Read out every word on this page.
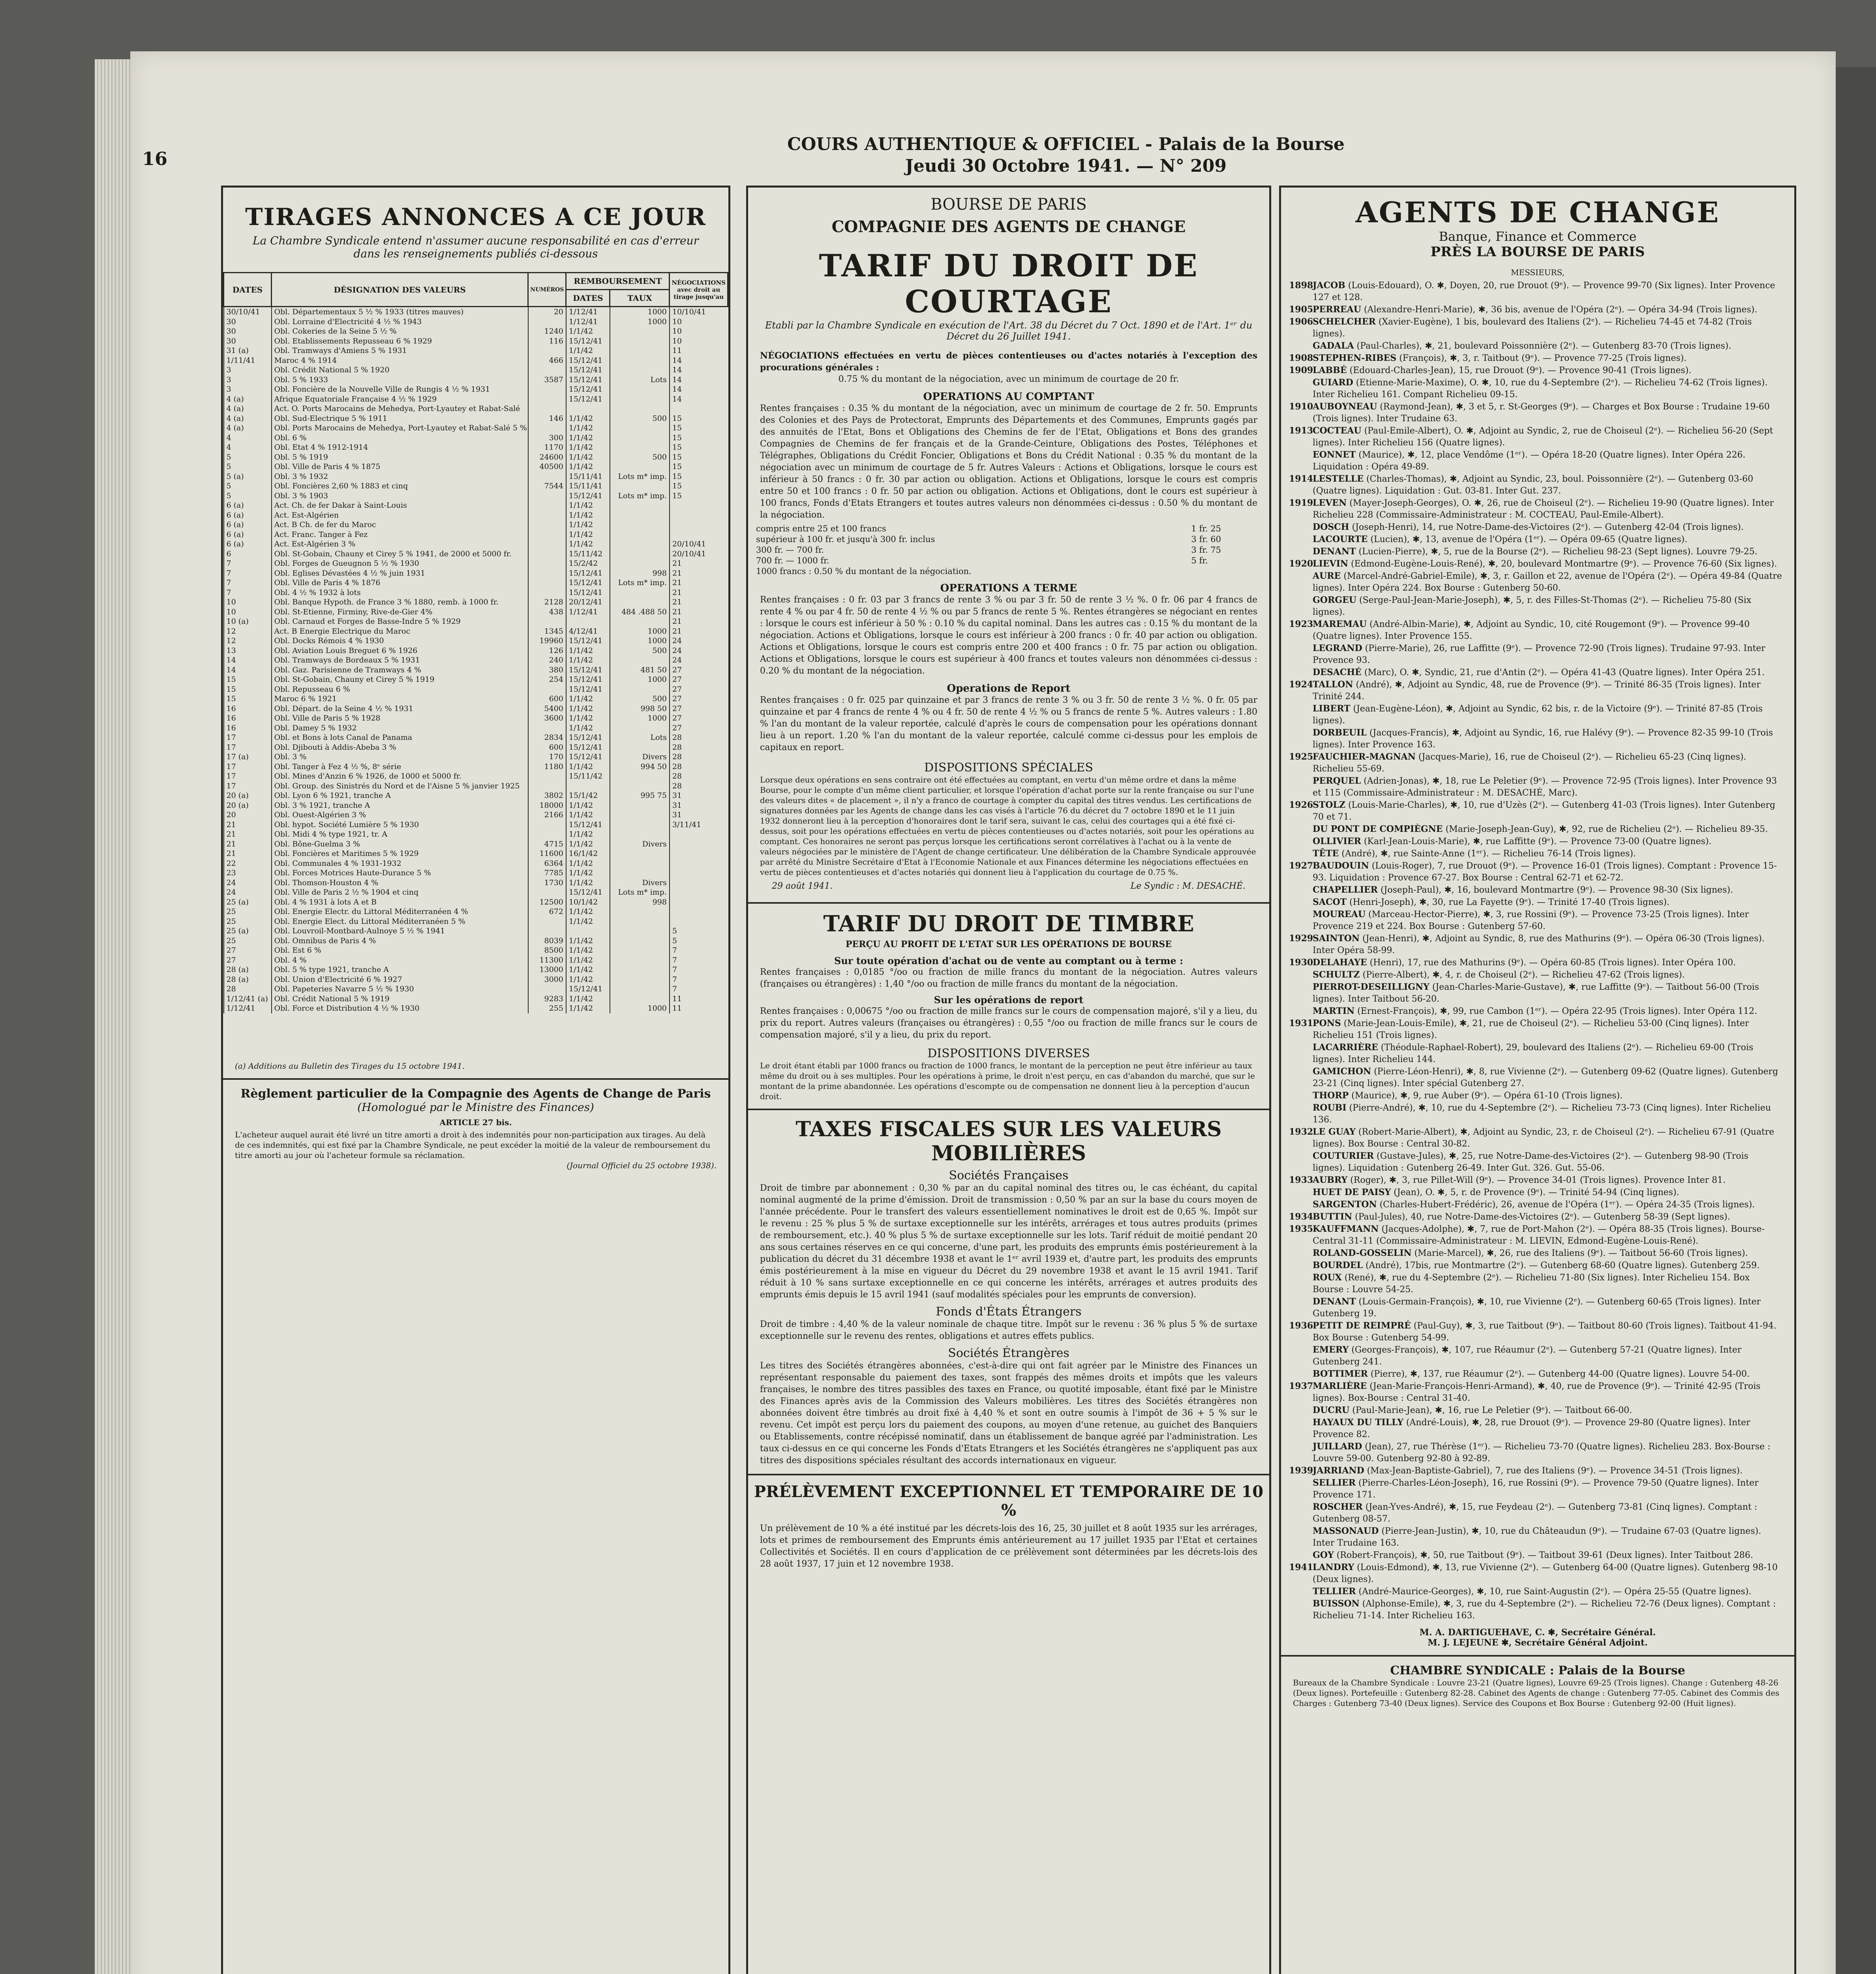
16
COURS AUTHENTIQUE & OFFICIEL - Palais de la Bourse
Jeudi 30 Octobre 1941. — N° 209
TIRAGES ANNONCES A CE JOUR
La Chambre Syndicale entend n'assumer aucune responsabilité en cas d'erreur dans les renseignements publiés ci-dessous
DATES	DÉSIGNATION DES VALEURS	NUMÉROS	REMBOURSEMENT		NÉGOCIATIONS avec droit au tirage jusqu'au
			DATES	TAUX	
30/10/41	Obl. Départementaux 5 ½ % 1933 (titres mauves)	20	1/12/41	1000	10/10/41
30	Obl. Lorraine d'Electricité 4 ½ % 1943		1/12/41	1000	10
30	Obl. Cokeries de la Seine 5 ½ %	1240	1/1/42		10
30	Obl. Etablissements Repusseau 6 % 1929	116	15/12/41		10
31 (a)	Obl. Tramways d'Amiens 5 % 1931		1/1/42		11
1/11/41	Maroc 4 % 1914	466	15/12/41		14
3	Obl. Crédit National 5 % 1920		15/12/41		14
3	Obl. 5 % 1933	3587	15/12/41	Lots	14
3	Obl. Foncière de la Nouvelle Ville de Rungis 4 ½ % 1931		15/12/41		14
4 (a)	Afrique Equatoriale Française 4 ½ % 1929		15/12/41		14
4 (a)	Act. O. Ports Marocains de Mehedya, Port-Lyautey et Rabat-Salé				
4 (a)	Obl. Sud-Electrique 5 % 1911	146	1/1/42	500	15
4 (a)	Obl. Ports Marocains de Mehedya, Port-Lyautey et Rabat-Salé 5 %		1/1/42		15
4	Obl. 6 %	300	1/1/42		15
4	Obl. Etat 4 % 1912-1914	1170	1/1/42		15
5	Obl. 5 % 1919	24600	1/1/42	500	15
5	Obl. Ville de Paris 4 % 1875	40500	1/1/42		15
5 (a)	Obl. 3 % 1932		15/11/41	Lots m* imp.	15
5	Obl. Foncières 2,60 % 1883 et cinq	7544	15/11/41		15
5	Obl. 3 % 1903		15/12/41	Lots m* imp.	15
6 (a)	Act. Ch. de fer Dakar à Saint-Louis		1/1/42		
6 (a)	Act. Est-Algérien		1/1/42		
6 (a)	Act. B Ch. de fer du Maroc		1/1/42		
6 (a)	Act. Franc. Tanger à Fez		1/1/42		
6 (a)	Act. Est-Algérien 3 %		1/1/42		20/10/41
6	Obl. St-Gobain, Chauny et Cirey 5 % 1941, de 2000 et 5000 fr.		15/11/42		20/10/41
7	Obl. Forges de Gueugnon 5 ½ % 1930		15/2/42		21
7	Obl. Eglises Dévastées 4 ½ % juin 1931		15/12/41	998	21
7	Obl. Ville de Paris 4 % 1876		15/12/41	Lots m* imp.	21
7	Obl. 4 ½ % 1932 à lots		15/12/41		21
10	Obl. Banque Hypoth. de France 3 % 1880, remb. à 1000 fr.	2128	20/12/41		21
10	Obl. St-Etienne, Firminy, Rive-de-Gier 4%	438	1/12/41	484 .488 50	21
10 (a)	Obl. Carnaud et Forges de Basse-Indre 5 % 1929				21
12	Act. B Energie Electrique du Maroc	1345	4/12/41	1000	21
12	Obl. Docks Rémois 4 % 1930	19960	15/12/41	1000	24
13	Obl. Aviation Louis Breguet 6 % 1926	126	1/1/42	500	24
14	Obl. Tramways de Bordeaux 5 % 1931	240	1/1/42		24
14	Obl. Gaz. Parisienne de Tramways 4 %	380	15/12/41	481 50	27
15	Obl. St-Gobain, Chauny et Cirey 5 % 1919	254	15/12/41	1000	27
15	Obl. Repusseau 6 %		15/12/41		27
15	Maroc 6 % 1921	600	1/1/42	500	27
16	Obl. Départ. de la Seine 4 ½ % 1931	5400	1/1/42	998 50	27
16	Obl. Ville de Paris 5 % 1928	3600	1/1/42	1000	27
16	Obl. Damey 5 % 1932		1/1/42		27
17	Obl. et Bons à lots Canal de Panama	2834	15/12/41	Lots	28
17	Obl. Djibouti à Addis-Abeba 3 %	600	15/12/41		28
17 (a)	Obl. 3 %	170	15/12/41	Divers	28
17	Obl. Tanger à Fez 4 ½ %, 8ᵉ série	1180	1/1/42	994 50	28
17	Obl. Mines d'Anzin 6 % 1926, de 1000 et 5000 fr.		15/11/42		28
17	Obl. Group. des Sinistrés du Nord et de l'Aisne 5 % janvier 1925				28
20 (a)	Obl. Lyon 6 % 1921, tranche A	3802	15/1/42	995 75	31
20 (a)	Obl. 3 % 1921, tranche A	18000	1/1/42		31
20	Obl. Ouest-Algérien 3 %	2166	1/1/42		31
21	Obl. hypot. Société Lumière 5 % 1930		15/12/41		3/11/41
21	Obl. Midi 4 % type 1921, tr. A		1/1/42		
21	Obl. Bône-Guelma 3 %	4715	1/1/42	Divers	
21	Obl. Foncières et Maritimes 5 % 1929	11600	16/1/42		
22	Obl. Communales 4 % 1931-1932	6364	1/1/42		
23	Obl. Forces Motrices Haute-Durance 5 %	7785	1/1/42		
24	Obl. Thomson-Houston 4 %	1730	1/1/42	Divers	
24	Obl. Ville de Paris 2 ½ % 1904 et cinq		15/12/41	Lots m* imp.	
25 (a)	Obl. 4 % 1931 à lots A et B	12500	10/1/42	998	
25	Obl. Energie Electr. du Littoral Méditerranéen 4 %	672	1/1/42		
25	Obl. Energie Elect. du Littoral Méditerranéen 5 %		1/1/42		
25 (a)	Obl. Louvroil-Montbard-Aulnoye 5 ½ % 1941				5
25	Obl. Omnibus de Paris 4 %	8039	1/1/42		5
27	Obl. Est 6 %	8500	1/1/42		7
27	Obl. 4 %	11300	1/1/42		7
28 (a)	Obl. 5 % type 1921, tranche A	13000	1/1/42		7
28 (a)	Obl. Union d'Electricité 6 % 1927	3000	1/1/42		7
28	Obl. Papeteries Navarre 5 ½ % 1930		15/12/41		7
1/12/41 (a)	Obl. Crédit National 5 % 1919	9283	1/1/42		11
1/12/41	Obl. Force et Distribution 4 ½ % 1930	255	1/1/42	1000	11
(a) Additions au Bulletin des Tirages du 15 octobre 1941.
Règlement particulier de la Compagnie des Agents de Change de Paris
(Homologué par le Ministre des Finances)
ARTICLE 27 bis.
L'acheteur auquel aurait été livré un titre amorti a droit à des indemnités pour non-participation aux tirages. Au delà de ces indemnités, qui est fixé par la Chambre Syndicale, ne peut excéder la moitié de la valeur de remboursement du titre amorti au jour où l'acheteur formule sa réclamation.
(Journal Officiel du 25 octobre 1938).
BOURSE DE PARIS
COMPAGNIE DES AGENTS DE CHANGE
TARIF DU DROIT DE COURTAGE
Etabli par la Chambre Syndicale en exécution de l'Art. 38 du Décret du 7 Oct. 1890 et de l'Art. 1ᵉʳ du Décret du 26 Juillet 1941.
NÉGOCIATIONS effectuées en vertu de pièces contentieuses ou d'actes notariés à l'exception des procurations générales :
0.75 % du montant de la négociation, avec un minimum de courtage de 20 fr.
OPERATIONS AU COMPTANT
Rentes françaises : 0.35 % du montant de la négociation, avec un minimum de courtage de 2 fr. 50. Emprunts des Colonies et des Pays de Protectorat, Emprunts des Départements et des Communes, Emprunts gagés par des annuités de l'Etat, Bons et Obligations des Chemins de fer de l'Etat, Obligations et Bons des grandes Compagnies de Chemins de fer français et de la Grande-Ceinture, Obligations des Postes, Téléphones et Télégraphes, Obligations du Crédit Foncier, Obligations et Bons du Crédit National : 0.35 % du montant de la négociation avec un minimum de courtage de 5 fr. Autres Valeurs : Actions et Obligations, lorsque le cours est inférieur à 50 francs : 0 fr. 30 par action ou obligation. Actions et Obligations, lorsque le cours est compris entre 50 et 100 francs : 0 fr. 50 par action ou obligation. Actions et Obligations, dont le cours est supérieur à 100 francs, Fonds d'Etats Etrangers et toutes autres valeurs non dénommées ci-dessus : 0.50 % du montant de la négociation.
compris entre 25 et 100 francs	1 fr. 25
supérieur à 100 fr. et jusqu'à 300 fr. inclus	3 fr. 60
300 fr. — 700 fr.	3 fr. 75
700 fr. — 1000 fr.	5 fr.
1000 francs : 0.50 % du montant de la négociation.	
OPERATIONS A TERME
Rentes françaises : 0 fr. 03 par 3 francs de rente 3 % ou par 3 fr. 50 de rente 3 ½ %. 0 fr. 06 par 4 francs de rente 4 % ou par 4 fr. 50 de rente 4 ½ % ou par 5 francs de rente 5 %. Rentes étrangères se négociant en rentes : lorsque le cours est inférieur à 50 % : 0.10 % du capital nominal. Dans les autres cas : 0.15 % du montant de la négociation. Actions et Obligations, lorsque le cours est inférieur à 200 francs : 0 fr. 40 par action ou obligation. Actions et Obligations, lorsque le cours est compris entre 200 et 400 francs : 0 fr. 75 par action ou obligation. Actions et Obligations, lorsque le cours est supérieur à 400 francs et toutes valeurs non dénommées ci-dessus : 0.20 % du montant de la négociation.
Operations de Report
Rentes françaises : 0 fr. 025 par quinzaine et par 3 francs de rente 3 % ou 3 fr. 50 de rente 3 ½ %. 0 fr. 05 par quinzaine et par 4 francs de rente 4 % ou 4 fr. 50 de rente 4 ½ % ou 5 francs de rente 5 %. Autres valeurs : 1.80 % l'an du montant de la valeur reportée, calculé d'après le cours de compensation pour les opérations donnant lieu à un report. 1.20 % l'an du montant de la valeur reportée, calculé comme ci-dessus pour les emplois de capitaux en report.
DISPOSITIONS SPÉCIALES
Lorsque deux opérations en sens contraire ont été effectuées au comptant, en vertu d'un même ordre et dans la même Bourse, pour le compte d'un même client particulier, et lorsque l'opération d'achat porte sur la rente française ou sur l'une des valeurs dites « de placement », il n'y a franco de courtage à compter du capital des titres vendus. Les certifications de signatures données par les Agents de change dans les cas visés à l'article 76 du décret du 7 octobre 1890 et le 11 juin 1932 donneront lieu à la perception d'honoraires dont le tarif sera, suivant le cas, celui des courtages qui a été fixé ci-dessus, soit pour les opérations effectuées en vertu de pièces contentieuses ou d'actes notariés, soit pour les opérations au comptant. Ces honoraires ne seront pas perçus lorsque les certifications seront corrélatives à l'achat ou à la vente de valeurs négociées par le ministère de l'Agent de change certificateur. Une délibération de la Chambre Syndicale approuvée par arrêté du Ministre Secrétaire d'Etat à l'Economie Nationale et aux Finances détermine les négociations effectuées en vertu de pièces contentieuses et d'actes notariés qui donnent lieu à l'application du courtage de 0.75 %.
29 août 1941.	Le Syndic : M. DESACHÉ.
TARIF DU DROIT DE TIMBRE
PERÇU AU PROFIT DE L'ETAT SUR LES OPÉRATIONS DE BOURSE
Sur toute opération d'achat ou de vente au comptant ou à terme :
Rentes françaises : 0,0185 °/oo ou fraction de mille francs du montant de la négociation. Autres valeurs (françaises ou étrangères) : 1,40 °/oo ou fraction de mille francs du montant de la négociation.
Sur les opérations de report
Rentes françaises : 0,00675 °/oo ou fraction de mille francs sur le cours de compensation majoré, s'il y a lieu, du prix du report. Autres valeurs (françaises ou étrangères) : 0,55 °/oo ou fraction de mille francs sur le cours de compensation majoré, s'il y a lieu, du prix du report.
DISPOSITIONS DIVERSES
Le droit étant établi par 1000 francs ou fraction de 1000 francs, le montant de la perception ne peut être inférieur au taux même du droit ou à ses multiples. Pour les opérations à prime, le droit n'est perçu, en cas d'abandon du marché, que sur le montant de la prime abandonnée. Les opérations d'escompte ou de compensation ne donnent lieu à la perception d'aucun droit.
TAXES FISCALES SUR LES VALEURS MOBILIÈRES
Sociétés Françaises
Droit de timbre par abonnement : 0,30 % par an du capital nominal des titres ou, le cas échéant, du capital nominal augmenté de la prime d'émission. Droit de transmission : 0,50 % par an sur la base du cours moyen de l'année précédente. Pour le transfert des valeurs essentiellement nominatives le droit est de 0,65 %. Impôt sur le revenu : 25 % plus 5 % de surtaxe exceptionnelle sur les intérêts, arrérages et tous autres produits (primes de remboursement, etc.). 40 % plus 5 % de surtaxe exceptionnelle sur les lots. Tarif réduit de moitié pendant 20 ans sous certaines réserves en ce qui concerne, d'une part, les produits des emprunts émis postérieurement à la publication du décret du 31 décembre 1938 et avant le 1ᵉʳ avril 1939 et, d'autre part, les produits des emprunts émis postérieurement à la mise en vigueur du Décret du 29 novembre 1938 et avant le 15 avril 1941. Tarif réduit à 10 % sans surtaxe exceptionnelle en ce qui concerne les intérêts, arrérages et autres produits des emprunts émis depuis le 15 avril 1941 (sauf modalités spéciales pour les emprunts de conversion).
Fonds d'États Étrangers
Droit de timbre : 4,40 % de la valeur nominale de chaque titre. Impôt sur le revenu : 36 % plus 5 % de surtaxe exceptionnelle sur le revenu des rentes, obligations et autres effets publics.
Sociétés Étrangères
Les titres des Sociétés étrangères abonnées, c'est-à-dire qui ont fait agréer par le Ministre des Finances un représentant responsable du paiement des taxes, sont frappés des mêmes droits et impôts que les valeurs françaises, le nombre des titres passibles des taxes en France, ou quotité imposable, étant fixé par le Ministre des Finances après avis de la Commission des Valeurs mobilières. Les titres des Sociétés étrangères non abonnées doivent être timbrés au droit fixé à 4,40 % et sont en outre soumis à l'impôt de 36 + 5 % sur le revenu. Cet impôt est perçu lors du paiement des coupons, au moyen d'une retenue, au guichet des Banquiers ou Etablissements, contre récépissé nominatif, dans un établissement de banque agréé par l'administration. Les taux ci-dessus en ce qui concerne les Fonds d'Etats Etrangers et les Sociétés étrangères ne s'appliquent pas aux titres des dispositions spéciales résultant des accords internationaux en vigueur.
PRÉLÈVEMENT EXCEPTIONNEL ET TEMPORAIRE DE 10 %
Un prélèvement de 10 % a été institué par les décrets-lois des 16, 25, 30 juillet et 8 août 1935 sur les arrérages, lots et primes de remboursement des Emprunts émis antérieurement au 17 juillet 1935 par l'Etat et certaines Collectivités et Sociétés. Il en cours d'application de ce prélèvement sont déterminées par les décrets-lois des 28 août 1937, 17 juin et 12 novembre 1938.
AGENTS DE CHANGE
Banque, Finance et Commerce
PRÈS LA BOURSE DE PARIS
MESSIEURS,
1898
JACOB (Louis-Edouard), O. ✱, Doyen, 20, rue Drouot (9ᵉ). — Provence 99-70 (Six lignes). Inter Provence 127 et 128.
1905
PERREAU (Alexandre-Henri-Marie), ✱, 36 bis, avenue de l'Opéra (2ᵉ). — Opéra 34-94 (Trois lignes).
1906
SCHELCHER (Xavier-Eugène), 1 bis, boulevard des Italiens (2ᵉ). — Richelieu 74-45 et 74-82 (Trois lignes).
GADALA (Paul-Charles), ✱, 21, boulevard Poissonnière (2ᵉ). — Gutenberg 83-70 (Trois lignes).
1908
STEPHEN-RIBES (François), ✱, 3, r. Taitbout (9ᵉ). — Provence 77-25 (Trois lignes).
1909
LABBÉ (Edouard-Charles-Jean), 15, rue Drouot (9ᵉ). — Provence 90-41 (Trois lignes).
GUIARD (Etienne-Marie-Maxime), O. ✱, 10, rue du 4-Septembre (2ᵉ). — Richelieu 74-62 (Trois lignes). Inter Richelieu 161. Compant Richelieu 09-15.
1910
AUBOYNEAU (Raymond-Jean), ✱, 3 et 5, r. St-Georges (9ᵉ). — Charges et Box Bourse : Trudaine 19-60 (Trois lignes). Inter Trudaine 63.
1913
COCTEAU (Paul-Emile-Albert), O. ✱, Adjoint au Syndic, 2, rue de Choiseul (2ᵉ). — Richelieu 56-20 (Sept lignes). Inter Richelieu 156 (Quatre lignes).
EONNET (Maurice), ✱, 12, place Vendôme (1ᵉʳ). — Opéra 18-20 (Quatre lignes). Inter Opéra 226. Liquidation : Opéra 49-89.
1914
LESTELLE (Charles-Thomas), ✱, Adjoint au Syndic, 23, boul. Poissonnière (2ᵉ). — Gutenberg 03-60 (Quatre lignes). Liquidation : Gut. 03-81. Inter Gut. 237.
1919
LEVEN (Mayer-Joseph-Georges), O. ✱, 26, rue de Choiseul (2ᵉ). — Richelieu 19-90 (Quatre lignes). Inter Richelieu 228 (Commissaire-Administrateur : M. COCTEAU, Paul-Emile-Albert).
DOSCH (Joseph-Henri), 14, rue Notre-Dame-des-Victoires (2ᵉ). — Gutenberg 42-04 (Trois lignes).
LACOURTE (Lucien), ✱, 13, avenue de l'Opéra (1ᵉʳ). — Opéra 09-65 (Quatre lignes).
DENANT (Lucien-Pierre), ✱, 5, rue de la Bourse (2ᵉ). — Richelieu 98-23 (Sept lignes). Louvre 79-25.
1920
LIEVIN (Edmond-Eugène-Louis-René), ✱, 20, boulevard Montmartre (9ᵉ). — Provence 76-60 (Six lignes).
AURE (Marcel-André-Gabriel-Emile), ✱, 3, r. Gaillon et 22, avenue de l'Opéra (2ᵉ). — Opéra 49-84 (Quatre lignes). Inter Opéra 224. Box Bourse : Gutenberg 50-60.
GORGEU (Serge-Paul-Jean-Marie-Joseph), ✱, 5, r. des Filles-St-Thomas (2ᵉ). — Richelieu 75-80 (Six lignes).
1923
MAREMAU (André-Albin-Marie), ✱, Adjoint au Syndic, 10, cité Rougemont (9ᵉ). — Provence 99-40 (Quatre lignes). Inter Provence 155.
LEGRAND (Pierre-Marie), 26, rue Laffitte (9ᵉ). — Provence 72-90 (Trois lignes). Trudaine 97-93. Inter Provence 93.
DESACHÉ (Marc), O. ✱, Syndic, 21, rue d'Antin (2ᵉ). — Opéra 41-43 (Quatre lignes). Inter Opéra 251.
1924
TALLON (André), ✱, Adjoint au Syndic, 48, rue de Provence (9ᵉ). — Trinité 86-35 (Trois lignes). Inter Trinité 244.
LIBERT (Jean-Eugène-Léon), ✱, Adjoint au Syndic, 62 bis, r. de la Victoire (9ᵉ). — Trinité 87-85 (Trois lignes).
DORBEUIL (Jacques-Francis), ✱, Adjoint au Syndic, 16, rue Halévy (9ᵉ). — Provence 82-35 99-10 (Trois lignes). Inter Provence 163.
1925
FAUCHIER-MAGNAN (Jacques-Marie), 16, rue de Choiseul (2ᵉ). — Richelieu 65-23 (Cinq lignes). Richelieu 55-69.
PERQUEL (Adrien-Jonas), ✱, 18, rue Le Peletier (9ᵉ). — Provence 72-95 (Trois lignes). Inter Provence 93 et 115 (Commissaire-Administrateur : M. DESACHÉ, Marc).
1926
STOLZ (Louis-Marie-Charles), ✱, 10, rue d'Uzès (2ᵉ). — Gutenberg 41-03 (Trois lignes). Inter Gutenberg 70 et 71.
DU PONT DE COMPIÈGNE (Marie-Joseph-Jean-Guy), ✱, 92, rue de Richelieu (2ᵉ). — Richelieu 89-35.
OLLIVIER (Karl-Jean-Louis-Marie), ✱, rue Laffitte (9ᵉ). — Provence 73-00 (Quatre lignes).
TÊTE (André), ✱, rue Sainte-Anne (1ᵉʳ). — Richelieu 76-14 (Trois lignes).
1927
BAUDOUIN (Louis-Roger), 7, rue Drouot (9ᵉ). — Provence 16-01 (Trois lignes). Comptant : Provence 15-93. Liquidation : Provence 67-27. Box Bourse : Central 62-71 et 62-72.
CHAPELLIER (Joseph-Paul), ✱, 16, boulevard Montmartre (9ᵉ). — Provence 98-30 (Six lignes).
SACOT (Henri-Joseph), ✱, 30, rue La Fayette (9ᵉ). — Trinité 17-40 (Trois lignes).
MOUREAU (Marceau-Hector-Pierre), ✱, 3, rue Rossini (9ᵉ). — Provence 73-25 (Trois lignes). Inter Provence 219 et 224. Box Bourse : Gutenberg 57-60.
1929
SAINTON (Jean-Henri), ✱, Adjoint au Syndic, 8, rue des Mathurins (9ᵉ). — Opéra 06-30 (Trois lignes). Inter Opéra 58-99.
1930
DELAHAYE (Henri), 17, rue des Mathurins (9ᵉ). — Opéra 60-85 (Trois lignes). Inter Opéra 100.
SCHULTZ (Pierre-Albert), ✱, 4, r. de Choiseul (2ᵉ). — Richelieu 47-62 (Trois lignes).
PIERROT-DESEILLIGNY (Jean-Charles-Marie-Gustave), ✱, rue Laffitte (9ᵉ). — Taitbout 56-00 (Trois lignes). Inter Taitbout 56-20.
MARTIN (Ernest-François), ✱, 99, rue Cambon (1ᵉʳ). — Opéra 22-95 (Trois lignes). Inter Opéra 112.
1931
PONS (Marie-Jean-Louis-Emile), ✱, 21, rue de Choiseul (2ᵉ). — Richelieu 53-00 (Cinq lignes). Inter Richelieu 151 (Trois lignes).
LACARRIÈRE (Théodule-Raphael-Robert), 29, boulevard des Italiens (2ᵉ). — Richelieu 69-00 (Trois lignes). Inter Richelieu 144.
GAMICHON (Pierre-Léon-Henri), ✱, 8, rue Vivienne (2ᵉ). — Gutenberg 09-62 (Quatre lignes). Gutenberg 23-21 (Cinq lignes). Inter spécial Gutenberg 27.
THORP (Maurice), ✱, 9, rue Auber (9ᵉ). — Opéra 61-10 (Trois lignes).
ROUBI (Pierre-André), ✱, 10, rue du 4-Septembre (2ᵉ). — Richelieu 73-73 (Cinq lignes). Inter Richelieu 136.
1932
LE GUAY (Robert-Marie-Albert), ✱, Adjoint au Syndic, 23, r. de Choiseul (2ᵉ). — Richelieu 67-91 (Quatre lignes). Box Bourse : Central 30-82.
COUTURIER (Gustave-Jules), ✱, 25, rue Notre-Dame-des-Victoires (2ᵉ). — Gutenberg 98-90 (Trois lignes). Liquidation : Gutenberg 26-49. Inter Gut. 326. Gut. 55-06.
1933
AUBRY (Roger), ✱, 3, rue Pillet-Will (9ᵉ). — Provence 34-01 (Trois lignes). Provence Inter 81.
HUET DE PAISY (Jean), O. ✱, 5, r. de Provence (9ᵉ). — Trinité 54-94 (Cinq lignes).
SARGENTON (Charles-Hubert-Frédéric), 26, avenue de l'Opéra (1ᵉʳ). — Opéra 24-35 (Trois lignes).
1934
BUTTIN (Paul-Jules), 40, rue Notre-Dame-des-Victoires (2ᵉ). — Gutenberg 58-39 (Sept lignes).
1935
KAUFFMANN (Jacques-Adolphe), ✱, 7, rue de Port-Mahon (2ᵉ). — Opéra 88-35 (Trois lignes). Bourse-Central 31-11 (Commissaire-Administrateur : M. LIEVIN, Edmond-Eugène-Louis-René).
ROLAND-GOSSELIN (Marie-Marcel), ✱, 26, rue des Italiens (9ᵉ). — Taitbout 56-60 (Trois lignes).
BOURDEL (André), 17bis, rue Montmartre (2ᵉ). — Gutenberg 68-60 (Quatre lignes). Gutenberg 259.
ROUX (René), ✱, rue du 4-Septembre (2ᵉ). — Richelieu 71-80 (Six lignes). Inter Richelieu 154. Box Bourse : Louvre 54-25.
DENANT (Louis-Germain-François), ✱, 10, rue Vivienne (2ᵉ). — Gutenberg 60-65 (Trois lignes). Inter Gutenberg 19.
1936
PETIT DE REIMPRÉ (Paul-Guy), ✱, 3, rue Taitbout (9ᵉ). — Taitbout 80-60 (Trois lignes). Taitbout 41-94. Box Bourse : Gutenberg 54-99.
EMERY (Georges-François), ✱, 107, rue Réaumur (2ᵉ). — Gutenberg 57-21 (Quatre lignes). Inter Gutenberg 241.
BOTTIMER (Pierre), ✱, 137, rue Réaumur (2ᵉ). — Gutenberg 44-00 (Quatre lignes). Louvre 54-00.
1937
MARLIÈRE (Jean-Marie-François-Henri-Armand), ✱, 40, rue de Provence (9ᵉ). — Trinité 42-95 (Trois lignes). Box-Bourse : Central 31-40.
DUCRU (Paul-Marie-Jean), ✱, 16, rue Le Peletier (9ᵉ). — Taitbout 66-00.
HAYAUX DU TILLY (André-Louis), ✱, 28, rue Drouot (9ᵉ). — Provence 29-80 (Quatre lignes). Inter Provence 82.
JUILLARD (Jean), 27, rue Thérèse (1ᵉʳ). — Richelieu 73-70 (Quatre lignes). Richelieu 283. Box-Bourse : Louvre 59-00. Gutenberg 92-80 à 92-89.
1939
JARRIAND (Max-Jean-Baptiste-Gabriel), 7, rue des Italiens (9ᵉ). — Provence 34-51 (Trois lignes).
SELLIER (Pierre-Charles-Léon-Joseph), 16, rue Rossini (9ᵉ). — Provence 79-50 (Quatre lignes). Inter Provence 171.
ROSCHER (Jean-Yves-André), ✱, 15, rue Feydeau (2ᵉ). — Gutenberg 73-81 (Cinq lignes). Comptant : Gutenberg 08-57.
MASSONAUD (Pierre-Jean-Justin), ✱, 10, rue du Châteaudun (9ᵉ). — Trudaine 67-03 (Quatre lignes). Inter Trudaine 163.
GOY (Robert-François), ✱, 50, rue Taitbout (9ᵉ). — Taitbout 39-61 (Deux lignes). Inter Taitbout 286.
1941
LANDRY (Louis-Edmond), ✱, 13, rue Vivienne (2ᵉ). — Gutenberg 64-00 (Quatre lignes). Gutenberg 98-10 (Deux lignes).
TELLIER (André-Maurice-Georges), ✱, 10, rue Saint-Augustin (2ᵉ). — Opéra 25-55 (Quatre lignes).
BUISSON (Alphonse-Emile), ✱, 3, rue du 4-Septembre (2ᵉ). — Richelieu 72-76 (Deux lignes). Comptant : Richelieu 71-14. Inter Richelieu 163.
M. A. DARTIGUEHAVE, C. ✱, Secrétaire Général.
M. J. LEJEUNE ✱, Secrétaire Général Adjoint.
CHAMBRE SYNDICALE : Palais de la Bourse
Bureaux de la Chambre Syndicale : Louvre 23-21 (Quatre lignes), Louvre 69-25 (Trois lignes). Change : Gutenberg 48-26 (Deux lignes). Portefeuille : Gutenberg 82-28. Cabinet des Agents de change : Gutenberg 77-05. Cabinet des Commis des Charges : Gutenberg 73-40 (Deux lignes). Service des Coupons et Box Bourse : Gutenberg 92-00 (Huit lignes).
